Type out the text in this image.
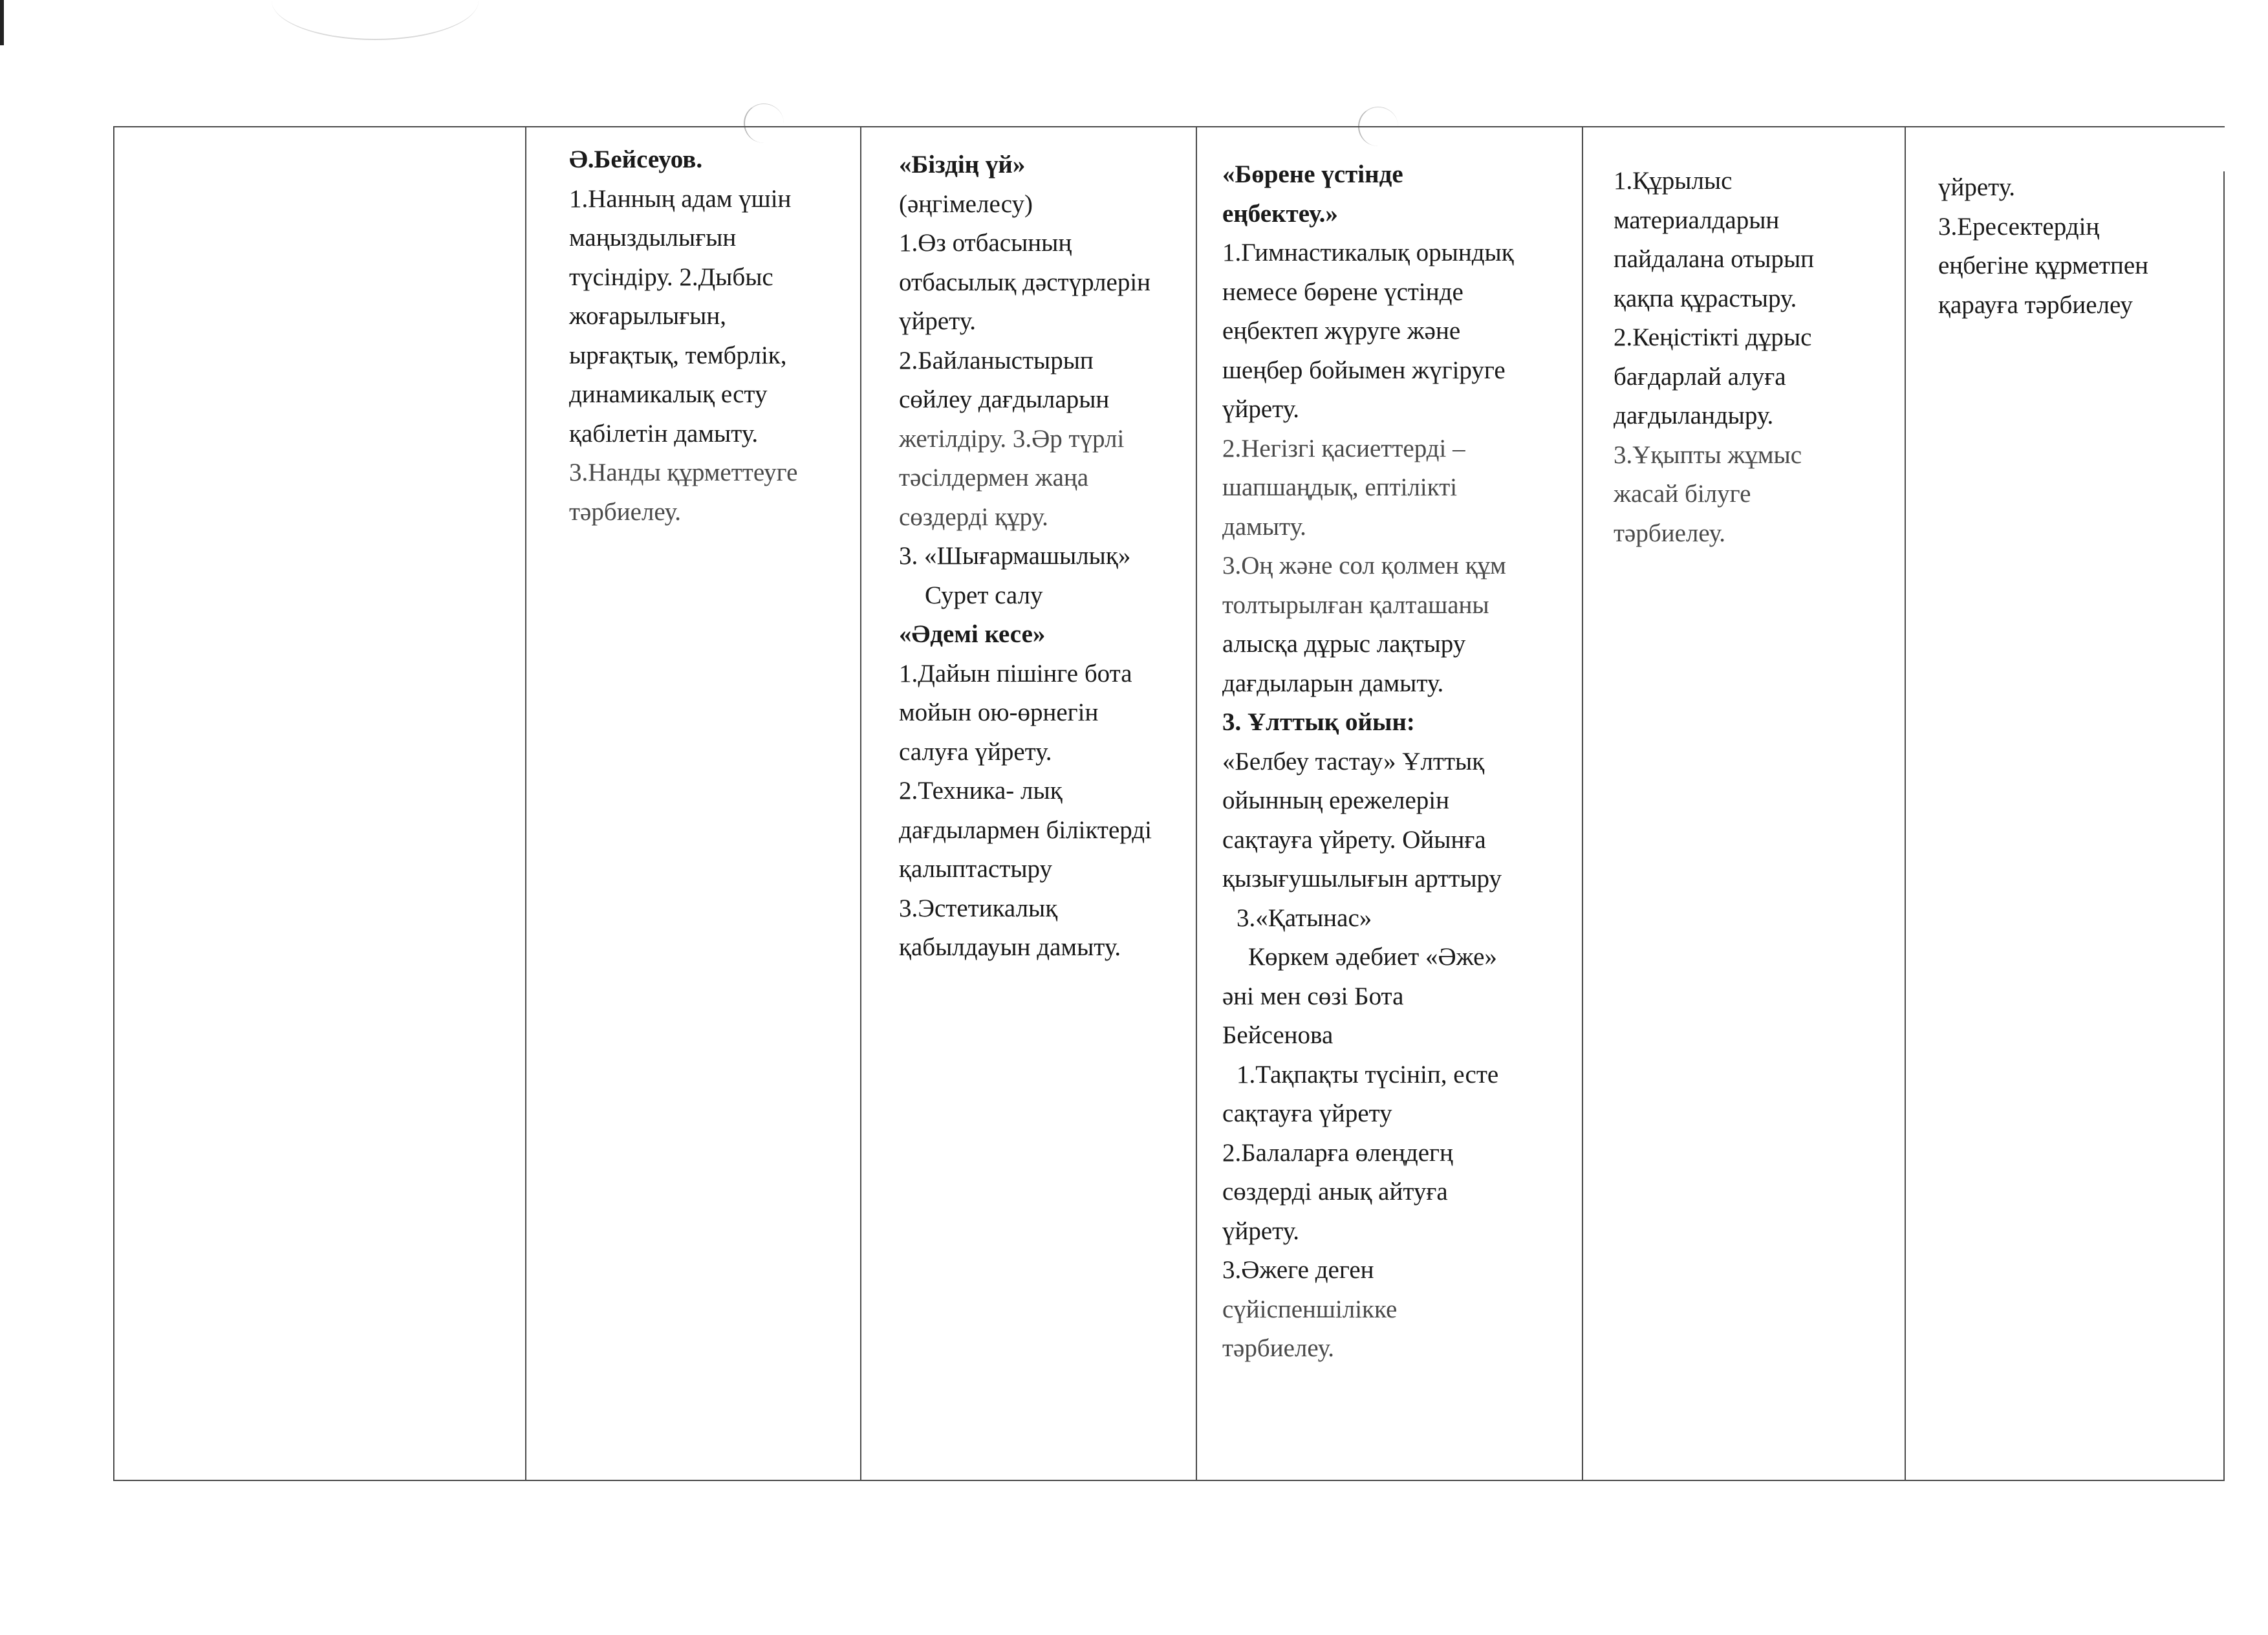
Ә.Бейсеуов.

1.Нанның адам үшін

маңыздылығын

түсіндіру. 2.Дыбыс

жоғарылығын,

ырғақтық, тембрлік,

динамикалық есту

қабілетін дамыту.

3.Нанды құрметтеуге

тәрбиелеу.

«Біздің үй»

(әңгімелесу)

1.Өз отбасының

отбасылық дәстүрлерін

үйрету.

2.Байланыстырып

сөйлеу дағдыларын

жетілдіру. 3.Әр түрлі

тәсілдермен жаңа

сөздерді құру.

3. «Шығармашылық»

Сурет салу

«Әдемі кесе»

1.Дайын пішінге бота

мойын ою-өрнегін

салуға үйрету.

2.Техника- лық

дағдылармен біліктерді

қалыптастыру

3.Эстетикалық

қабылдауын дамыту.

«Бөрене үстінде

еңбектеу.»

1.Гимнастикалық орындық

немесе бөрене үстінде

еңбектеп жүруге және

шеңбер бойымен жүгіруге

үйрету.

2.Негізгі қасиеттерді –

шапшаңдық, ептілікті

дамыту.

3.Оң және сол қолмен құм

толтырылған қалташаны

алысқа дұрыс лақтыру

дағдыларын дамыту.

3. Ұлттық ойын:

«Белбеу тастау» Ұлттық

ойынның ережелерін

сақтауға үйрету. Ойынға

қызығушылығын арттыру

3.«Қатынас»

Көркем әдебиет «Әже»

әні мен сөзі Бота

Бейсенова

1.Тақпақты түсініп, есте

сақтауға үйрету

2.Балаларға өлеңдегң

сөздерді анық айтуға

үйрету.

3.Әжеге деген

сүйіспеншілікке

тәрбиелеу.

1.Құрылыс

материалдарын

пайдалана отырып

қақпа құрастыру.

2.Кеңістікті дұрыс

бағдарлай алуға

дағдыландыру.

3.Ұқыпты жұмыс

жасай білуге

тәрбиелеу.

үйрету.

3.Ересектердің

еңбегіне құрметпен

қарауға тәрбиелеу
